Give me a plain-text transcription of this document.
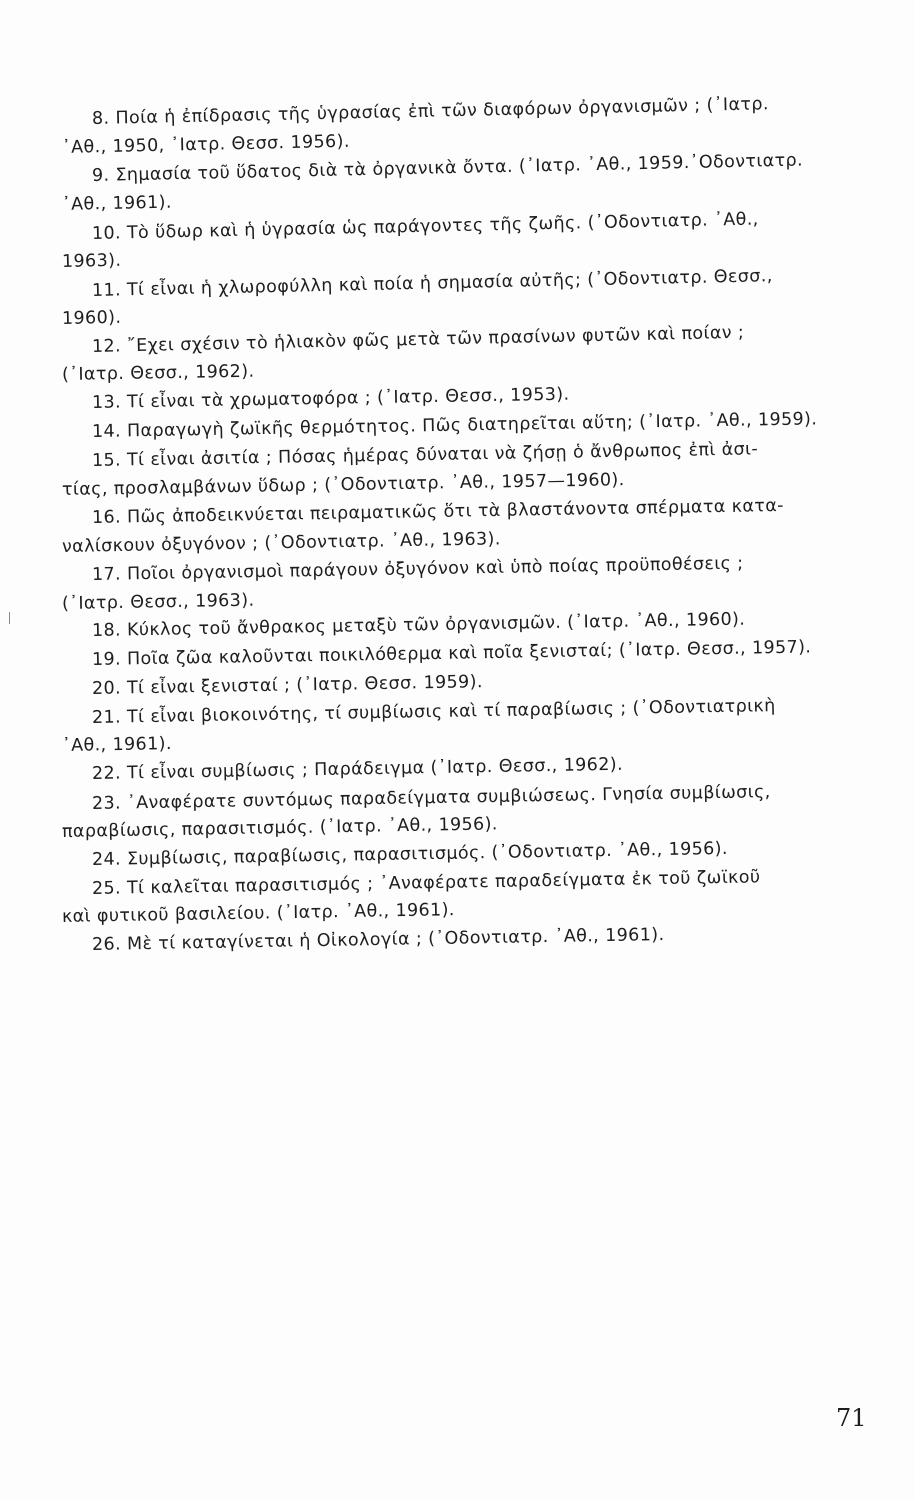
8. Ποία ἡ ἐπίδρασις τῆς ὑγρασίας ἐπὶ τῶν διαφόρων ὀργανισμῶν ; (᾽Ιατρ.
᾽Αθ., 1950, ᾽Ιατρ. Θεσσ. 1956).
9. Σημασία τοῦ ὕδατος διὰ τὰ ὀργανικὰ ὄντα. (᾽Ιατρ. ᾽Αθ., 1959.᾽Οδοντιατρ.
᾽Αθ., 1961).
10. Τὸ ὕδωρ καὶ ἡ ὑγρασία ὡς παράγοντες τῆς ζωῆς. (᾽Οδοντιατρ. ᾽Αθ.,
1963).
11. Τί εἶναι ἡ χλωροφύλλη καὶ ποία ἡ σημασία αὐτῆς; (᾽Οδοντιατρ. Θεσσ.,
1960).
12. ῎Εχει σχέσιν τὸ ἡλιακὸν φῶς μετὰ τῶν πρασίνων φυτῶν καὶ ποίαν ;
(᾽Ιατρ. Θεσσ., 1962).
13. Τί εἶναι τὰ χρωματοφόρα ; (᾽Ιατρ. Θεσσ., 1953).
14. Παραγωγὴ ζωϊκῆς θερμότητος. Πῶς διατηρεῖται αὕτη; (᾽Ιατρ. ᾽Αθ., 1959).
15. Τί εἶναι ἀσιτία ; Πόσας ἡμέρας δύναται νὰ ζήσῃ ὁ ἄνθρωπος ἐπὶ ἀσι-
τίας, προσλαμβάνων ὕδωρ ; (᾽Οδοντιατρ. ᾽Αθ., 1957—1960).
16. Πῶς ἀποδεικνύεται πειραματικῶς ὅτι τὰ βλαστάνοντα σπέρματα κατα-
ναλίσκουν ὀξυγόνον ; (᾽Οδοντιατρ. ᾽Αθ., 1963).
17. Ποῖοι ὀργανισμοὶ παράγουν ὀξυγόνον καὶ ὑπὸ ποίας προϋποθέσεις ;
(᾽Ιατρ. Θεσσ., 1963).
18. Κύκλος τοῦ ἄνθρακος μεταξὺ τῶν ὀργανισμῶν. (᾽Ιατρ. ᾽Αθ., 1960).
19. Ποῖα ζῶα καλοῦνται ποικιλόθερμα καὶ ποῖα ξενισταί; (᾽Ιατρ. Θεσσ., 1957).
20. Τί εἶναι ξενισταί ; (᾽Ιατρ. Θεσσ. 1959).
21. Τί εἶναι βιοκοινότης, τί συμβίωσις καὶ τί παραβίωσις ; (᾽Οδοντιατρικὴ
᾽Αθ., 1961).
22. Τί εἶναι συμβίωσις ; Παράδειγμα (᾽Ιατρ. Θεσσ., 1962).
23. ᾽Αναφέρατε συντόμως παραδείγματα συμβιώσεως. Γνησία συμβίωσις,
παραβίωσις, παρασιτισμός. (᾽Ιατρ. ᾽Αθ., 1956).
24. Συμβίωσις, παραβίωσις, παρασιτισμός. (᾽Οδοντιατρ. ᾽Αθ., 1956).
25. Τί καλεῖται παρασιτισμός ; ᾽Αναφέρατε παραδείγματα ἐκ τοῦ ζωϊκοῦ
καὶ φυτικοῦ βασιλείου. (᾽Ιατρ. ᾽Αθ., 1961).
26. Μὲ τί καταγίνεται ἡ Οἰκολογία ; (᾽Οδοντιατρ. ᾽Αθ., 1961).
71
